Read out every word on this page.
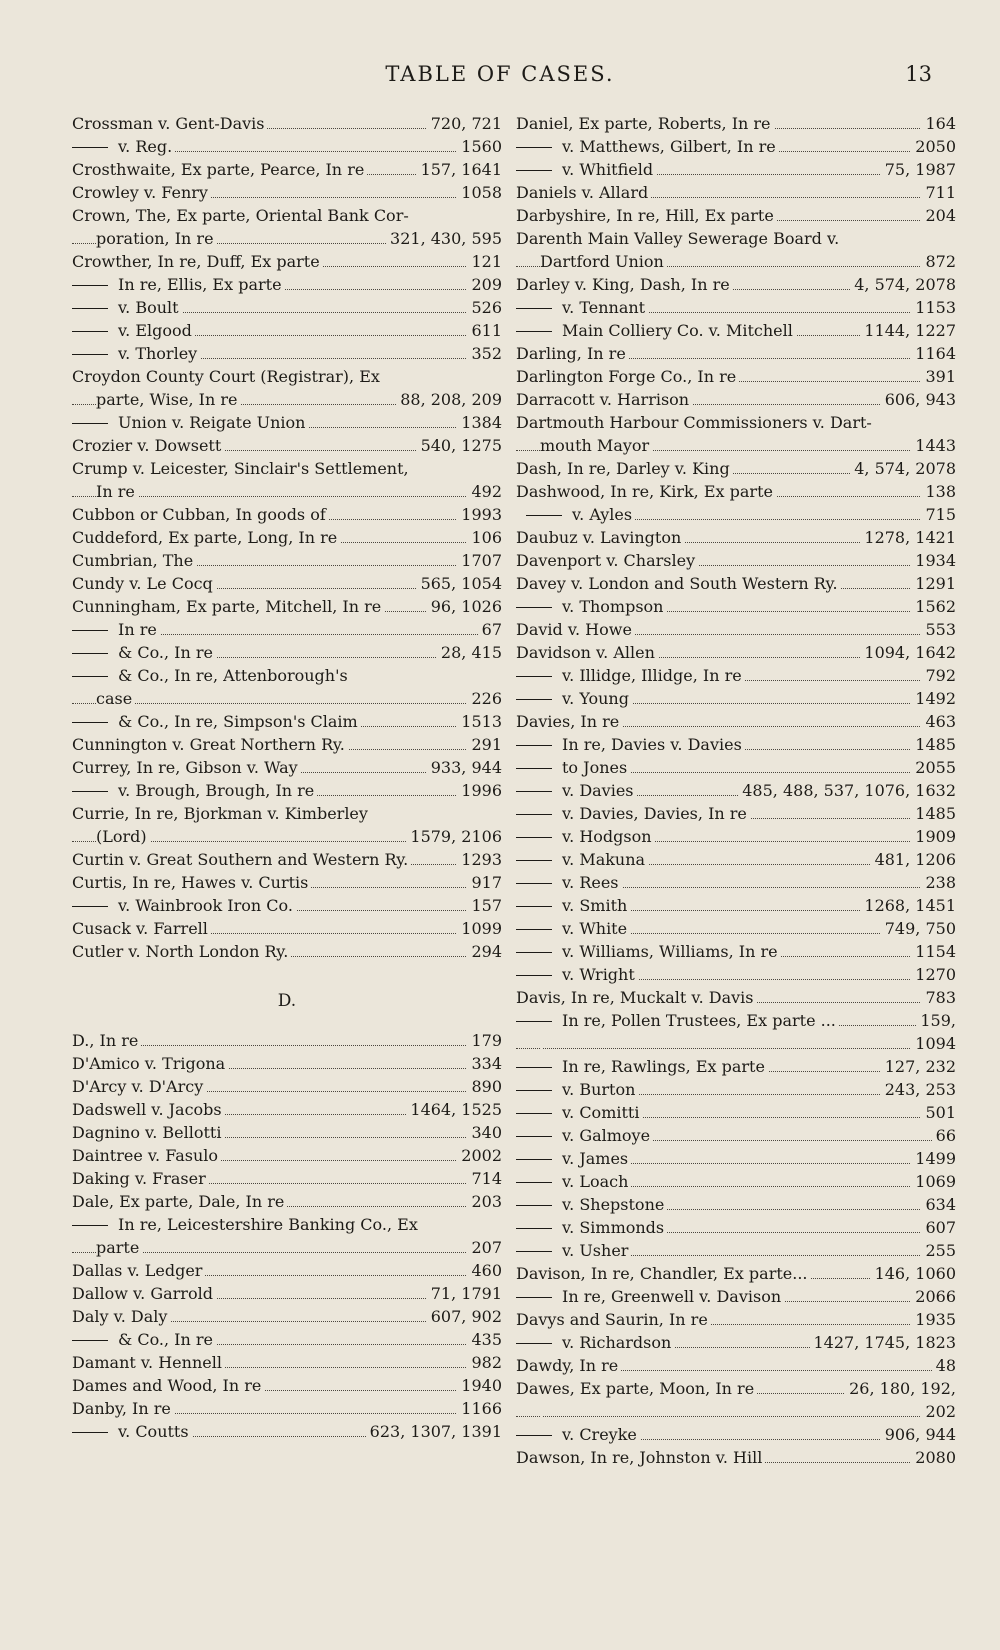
TABLE OF CASES.	13
Crossman v. Gent-Davis	720, 721
v. Reg.	1560
Crosthwaite, Ex parte, Pearce, In re	157, 1641
Crowley v. Fenry	1058
Crown, The, Ex parte, Oriental Bank Cor-
poration, In re	321, 430, 595
Crowther, In re, Duff, Ex parte	121
In re, Ellis, Ex parte	209
v. Boult	526
v. Elgood	611
v. Thorley	352
Croydon County Court (Registrar), Ex
parte, Wise, In re	88, 208, 209
Union v. Reigate Union	1384
Crozier v. Dowsett	540, 1275
Crump v. Leicester, Sinclair's Settlement,
In re	492
Cubbon or Cubban, In goods of	1993
Cuddeford, Ex parte, Long, In re	106
Cumbrian, The	1707
Cundy v. Le Cocq	565, 1054
Cunningham, Ex parte, Mitchell, In re	96, 1026
In re	67
& Co., In re	28, 415
& Co., In re, Attenborough's
case	226
& Co., In re, Simpson's Claim	1513
Cunnington v. Great Northern Ry.	291
Currey, In re, Gibson v. Way	933, 944
v. Brough, Brough, In re	1996
Currie, In re, Bjorkman v. Kimberley
(Lord)	1579, 2106
Curtin v. Great Southern and Western Ry.	1293
Curtis, In re, Hawes v. Curtis	917
v. Wainbrook Iron Co.	157
Cusack v. Farrell	1099
Cutler v. North London Ry.	294
D.
D., In re	179
D'Amico v. Trigona	334
D'Arcy v. D'Arcy	890
Dadswell v. Jacobs	1464, 1525
Dagnino v. Bellotti	340
Daintree v. Fasulo	2002
Daking v. Fraser	714
Dale, Ex parte, Dale, In re	203
In re, Leicestershire Banking Co., Ex
parte	207
Dallas v. Ledger	460
Dallow v. Garrold	71, 1791
Daly v. Daly	607, 902
& Co., In re	435
Damant v. Hennell	982
Dames and Wood, In re	1940
Danby, In re	1166
v. Coutts	623, 1307, 1391
Daniel, Ex parte, Roberts, In re	164
v. Matthews, Gilbert, In re	2050
v. Whitfield	75, 1987
Daniels v. Allard	711
Darbyshire, In re, Hill, Ex parte	204
Darenth Main Valley Sewerage Board v.
Dartford Union	872
Darley v. King, Dash, In re	4, 574, 2078
v. Tennant	1153
Main Colliery Co. v. Mitchell	1144, 1227
Darling, In re	1164
Darlington Forge Co., In re	391
Darracott v. Harrison	606, 943
Dartmouth Harbour Commissioners v. Dart-
mouth Mayor	1443
Dash, In re, Darley v. King	4, 574, 2078
Dashwood, In re, Kirk, Ex parte	138
v. Ayles	715
Daubuz v. Lavington	1278, 1421
Davenport v. Charsley	1934
Davey v. London and South Western Ry.	1291
v. Thompson	1562
David v. Howe	553
Davidson v. Allen	1094, 1642
v. Illidge, Illidge, In re	792
v. Young	1492
Davies, In re	463
In re, Davies v. Davies	1485
to Jones	2055
v. Davies	485, 488, 537, 1076, 1632
v. Davies, Davies, In re	1485
v. Hodgson	1909
v. Makuna	481, 1206
v. Rees	238
v. Smith	1268, 1451
v. White	749, 750
v. Williams, Williams, In re	1154
v. Wright	1270
Davis, In re, Muckalt v. Davis	783
In re, Pollen Trustees, Ex parte ...	159,
1094
In re, Rawlings, Ex parte	127, 232
v. Burton	243, 253
v. Comitti	501
v. Galmoye	66
v. James	1499
v. Loach	1069
v. Shepstone	634
v. Simmonds	607
v. Usher	255
Davison, In re, Chandler, Ex parte...	146, 1060
In re, Greenwell v. Davison	2066
Davys and Saurin, In re	1935
v. Richardson	1427, 1745, 1823
Dawdy, In re	48
Dawes, Ex parte, Moon, In re	26, 180, 192,
202
v. Creyke	906, 944
Dawson, In re, Johnston v. Hill	2080
